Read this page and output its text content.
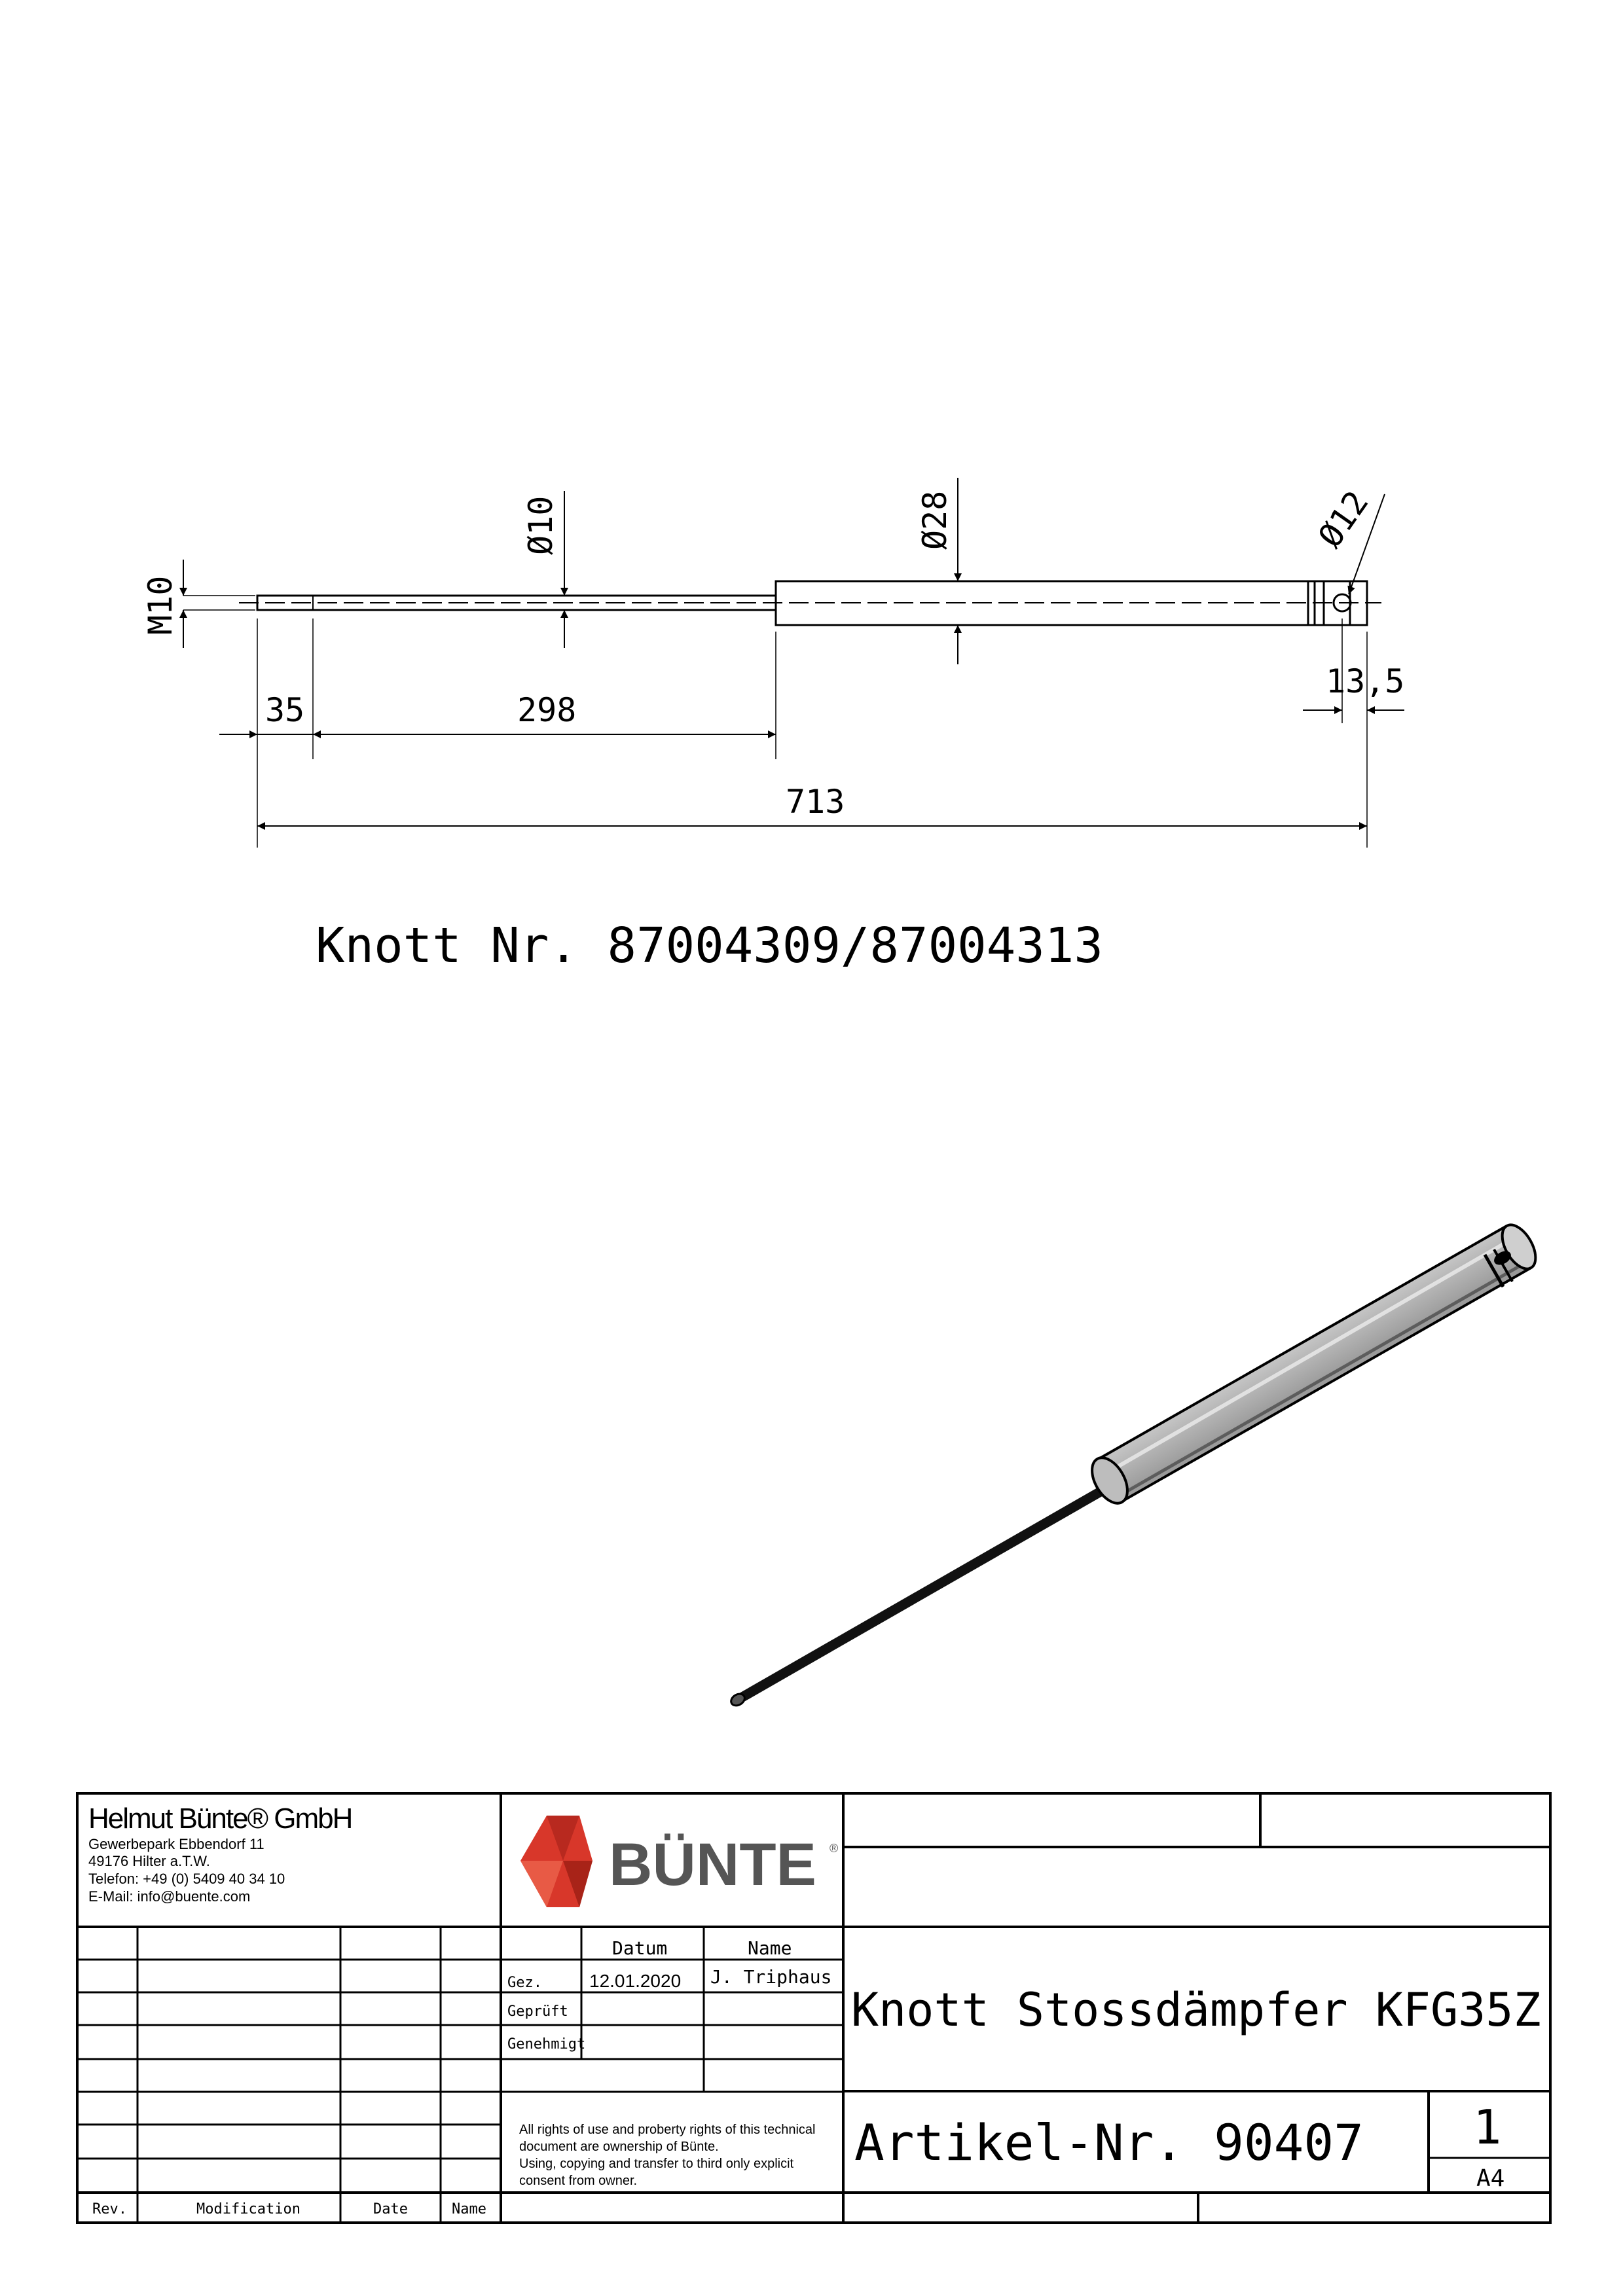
M10
Ø10	Ø28	Ø12
35	298
713
13,5
Knott Nr. 87004309/87004313
Helmut Bünte® GmbH
Gewerbepark Ebbendorf 11
49176 Hilter a.T.W.
Telefon: +49 (0) 5409 40 34 10
E-Mail: info@buente.com	BÜNTE ®
Datum	Name
Gez.	12.01.2020 J. Triphaus
Geprüft
Genehmigt
All rights of use and proberty rights of this technical
document are ownership of Bünte.
Using, copying and transfer to third only explicit
consent from owner.
Rev.	Modification	Date	Name
Knott Stossdämpfer KFG35Z
Artikel-Nr. 90407 1
A4
